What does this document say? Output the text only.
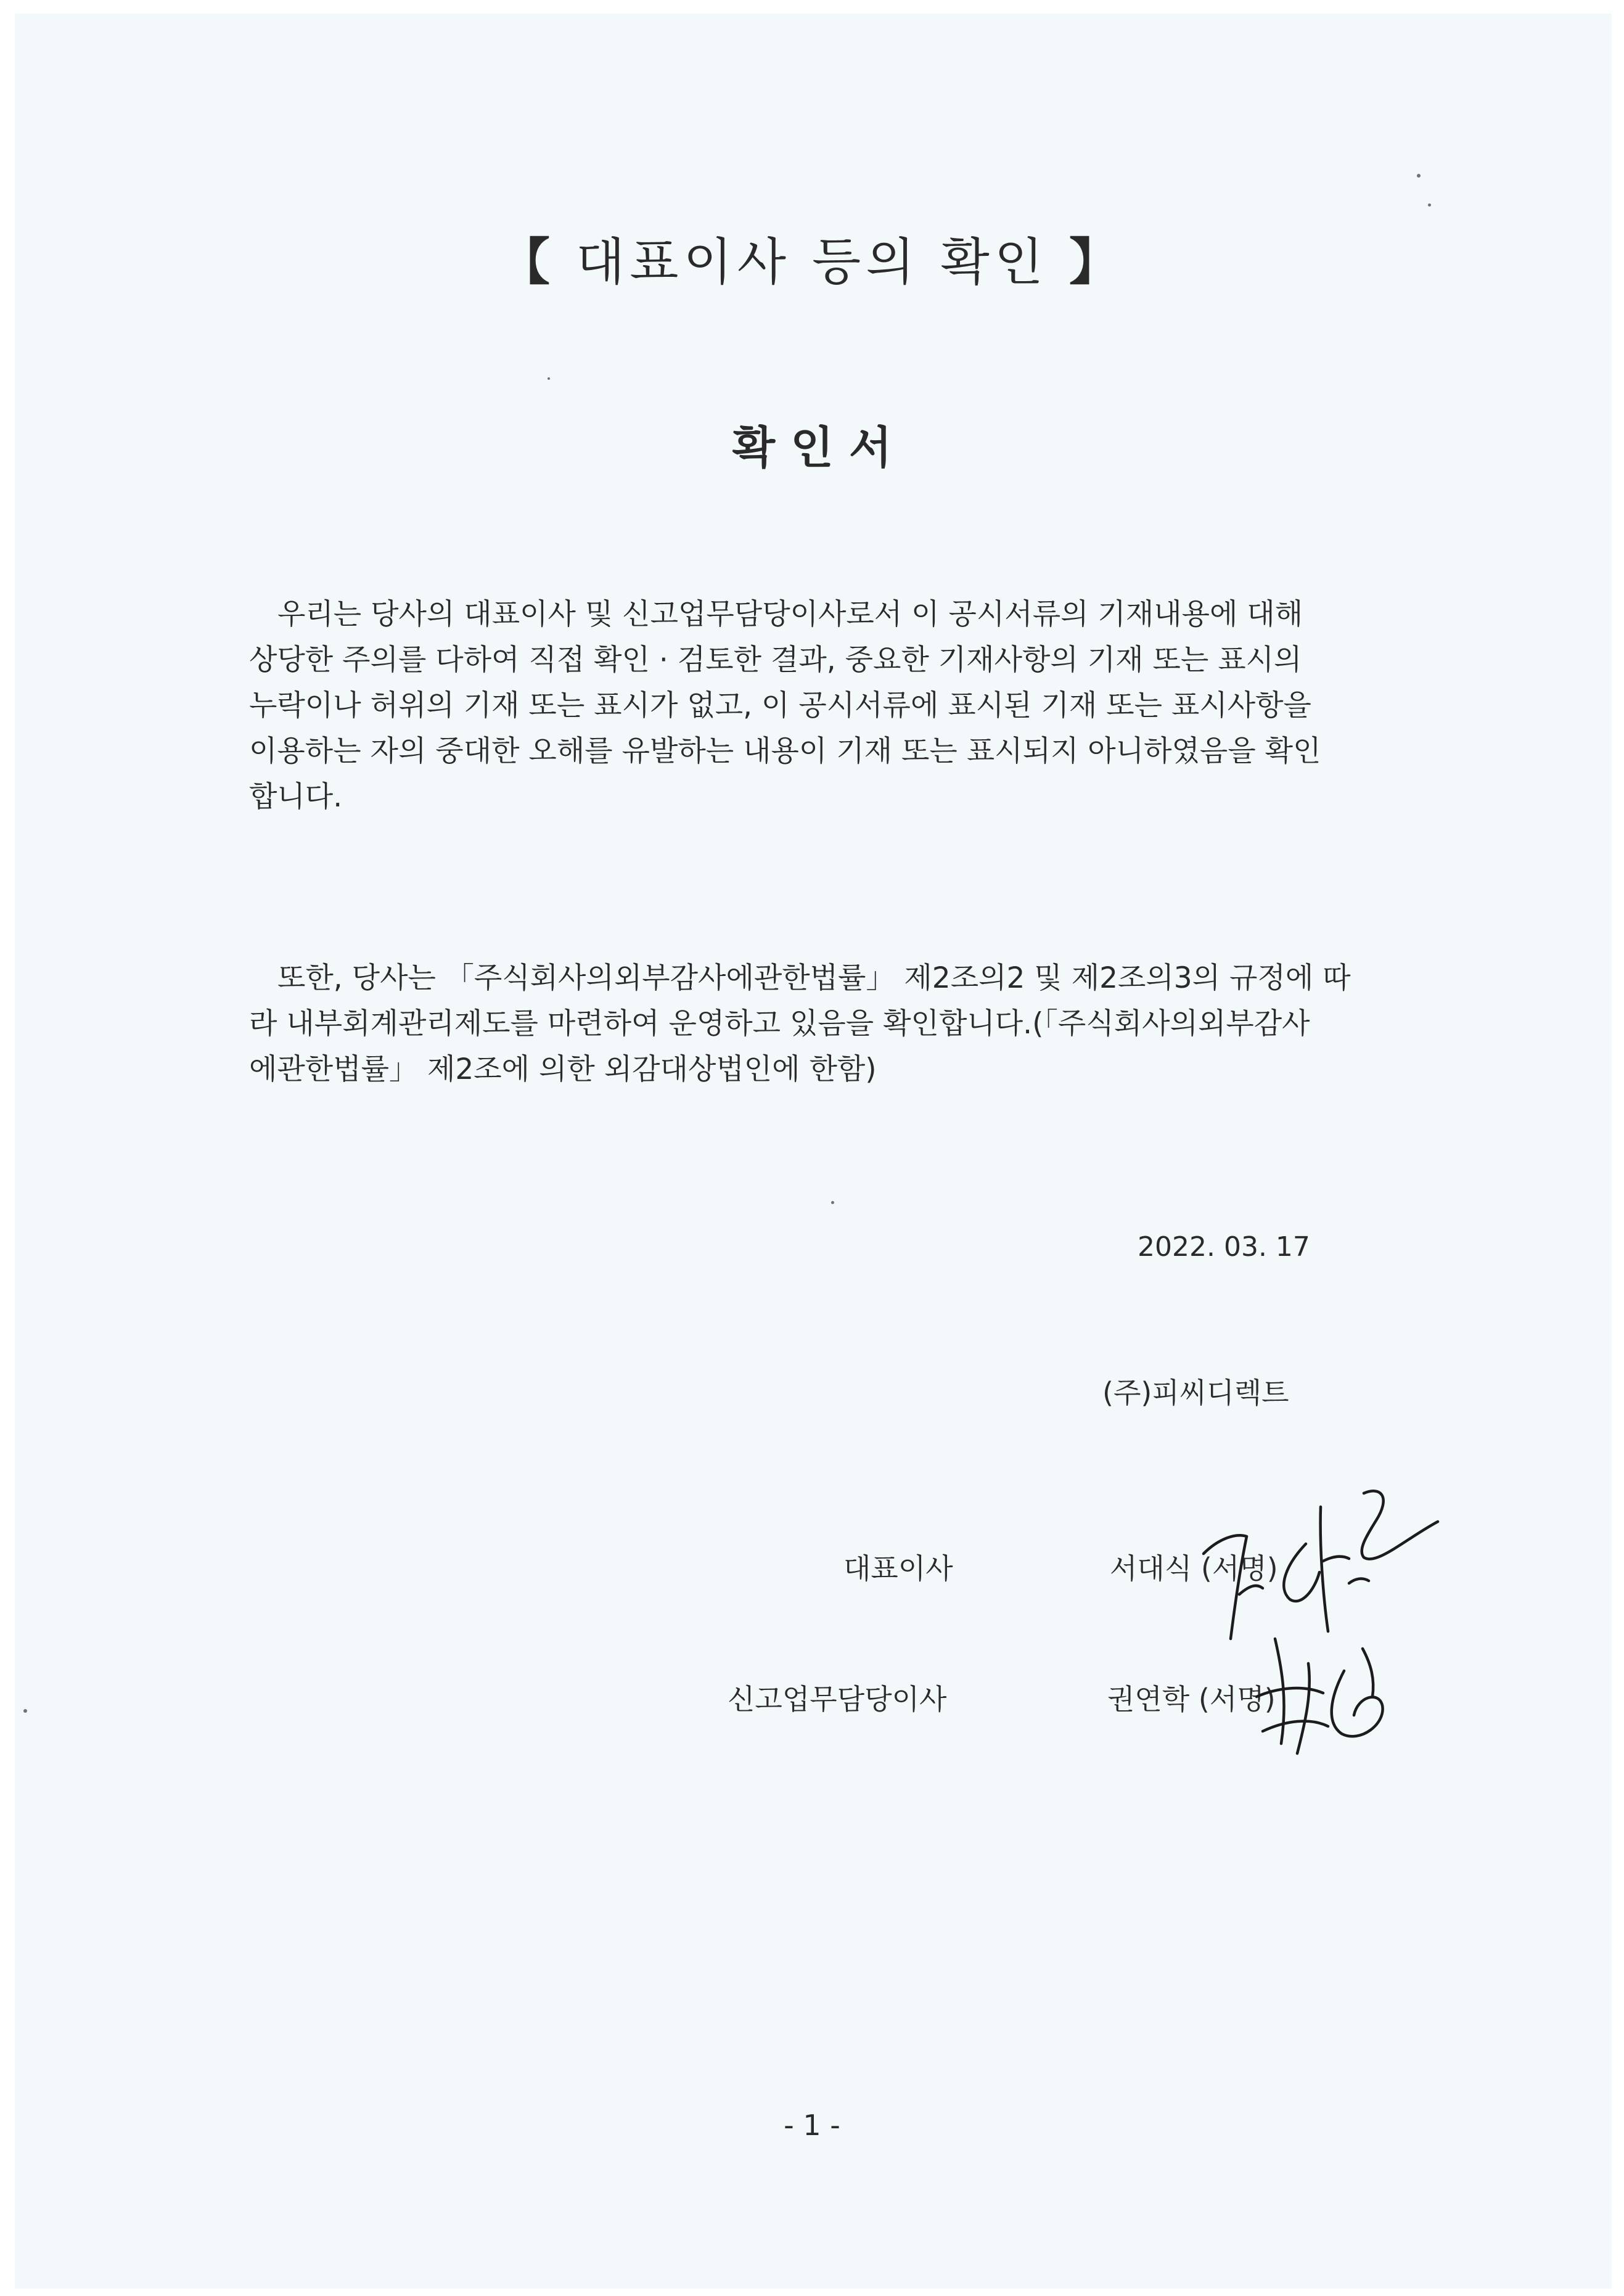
【 대표이사 등의 확인 】
확 인 서

우리는 당사의 대표이사 및 신고업무담당이사로서 이 공시서류의 기재내용에 대해
상당한 주의를 다하여 직접 확인 · 검토한 결과, 중요한 기재사항의 기재 또는 표시의
누락이나 허위의 기재 또는 표시가 없고, 이 공시서류에 표시된 기재 또는 표시사항을
이용하는 자의 중대한 오해를 유발하는 내용이 기재 또는 표시되지 아니하였음을 확인
합니다.

또한, 당사는 「주식회사의외부감사에관한법률」 제2조의2 및 제2조의3의 규정에 따
라 내부회계관리제도를 마련하여 운영하고 있음을 확인합니다.(「주식회사의외부감사
에관한법률」 제2조에 의한 외감대상법인에 한함)

2022. 03. 17
(주)피씨디렉트
대표이사	서대식 (서명)
신고업무담당이사	권연학 (서명)
- 1 -
